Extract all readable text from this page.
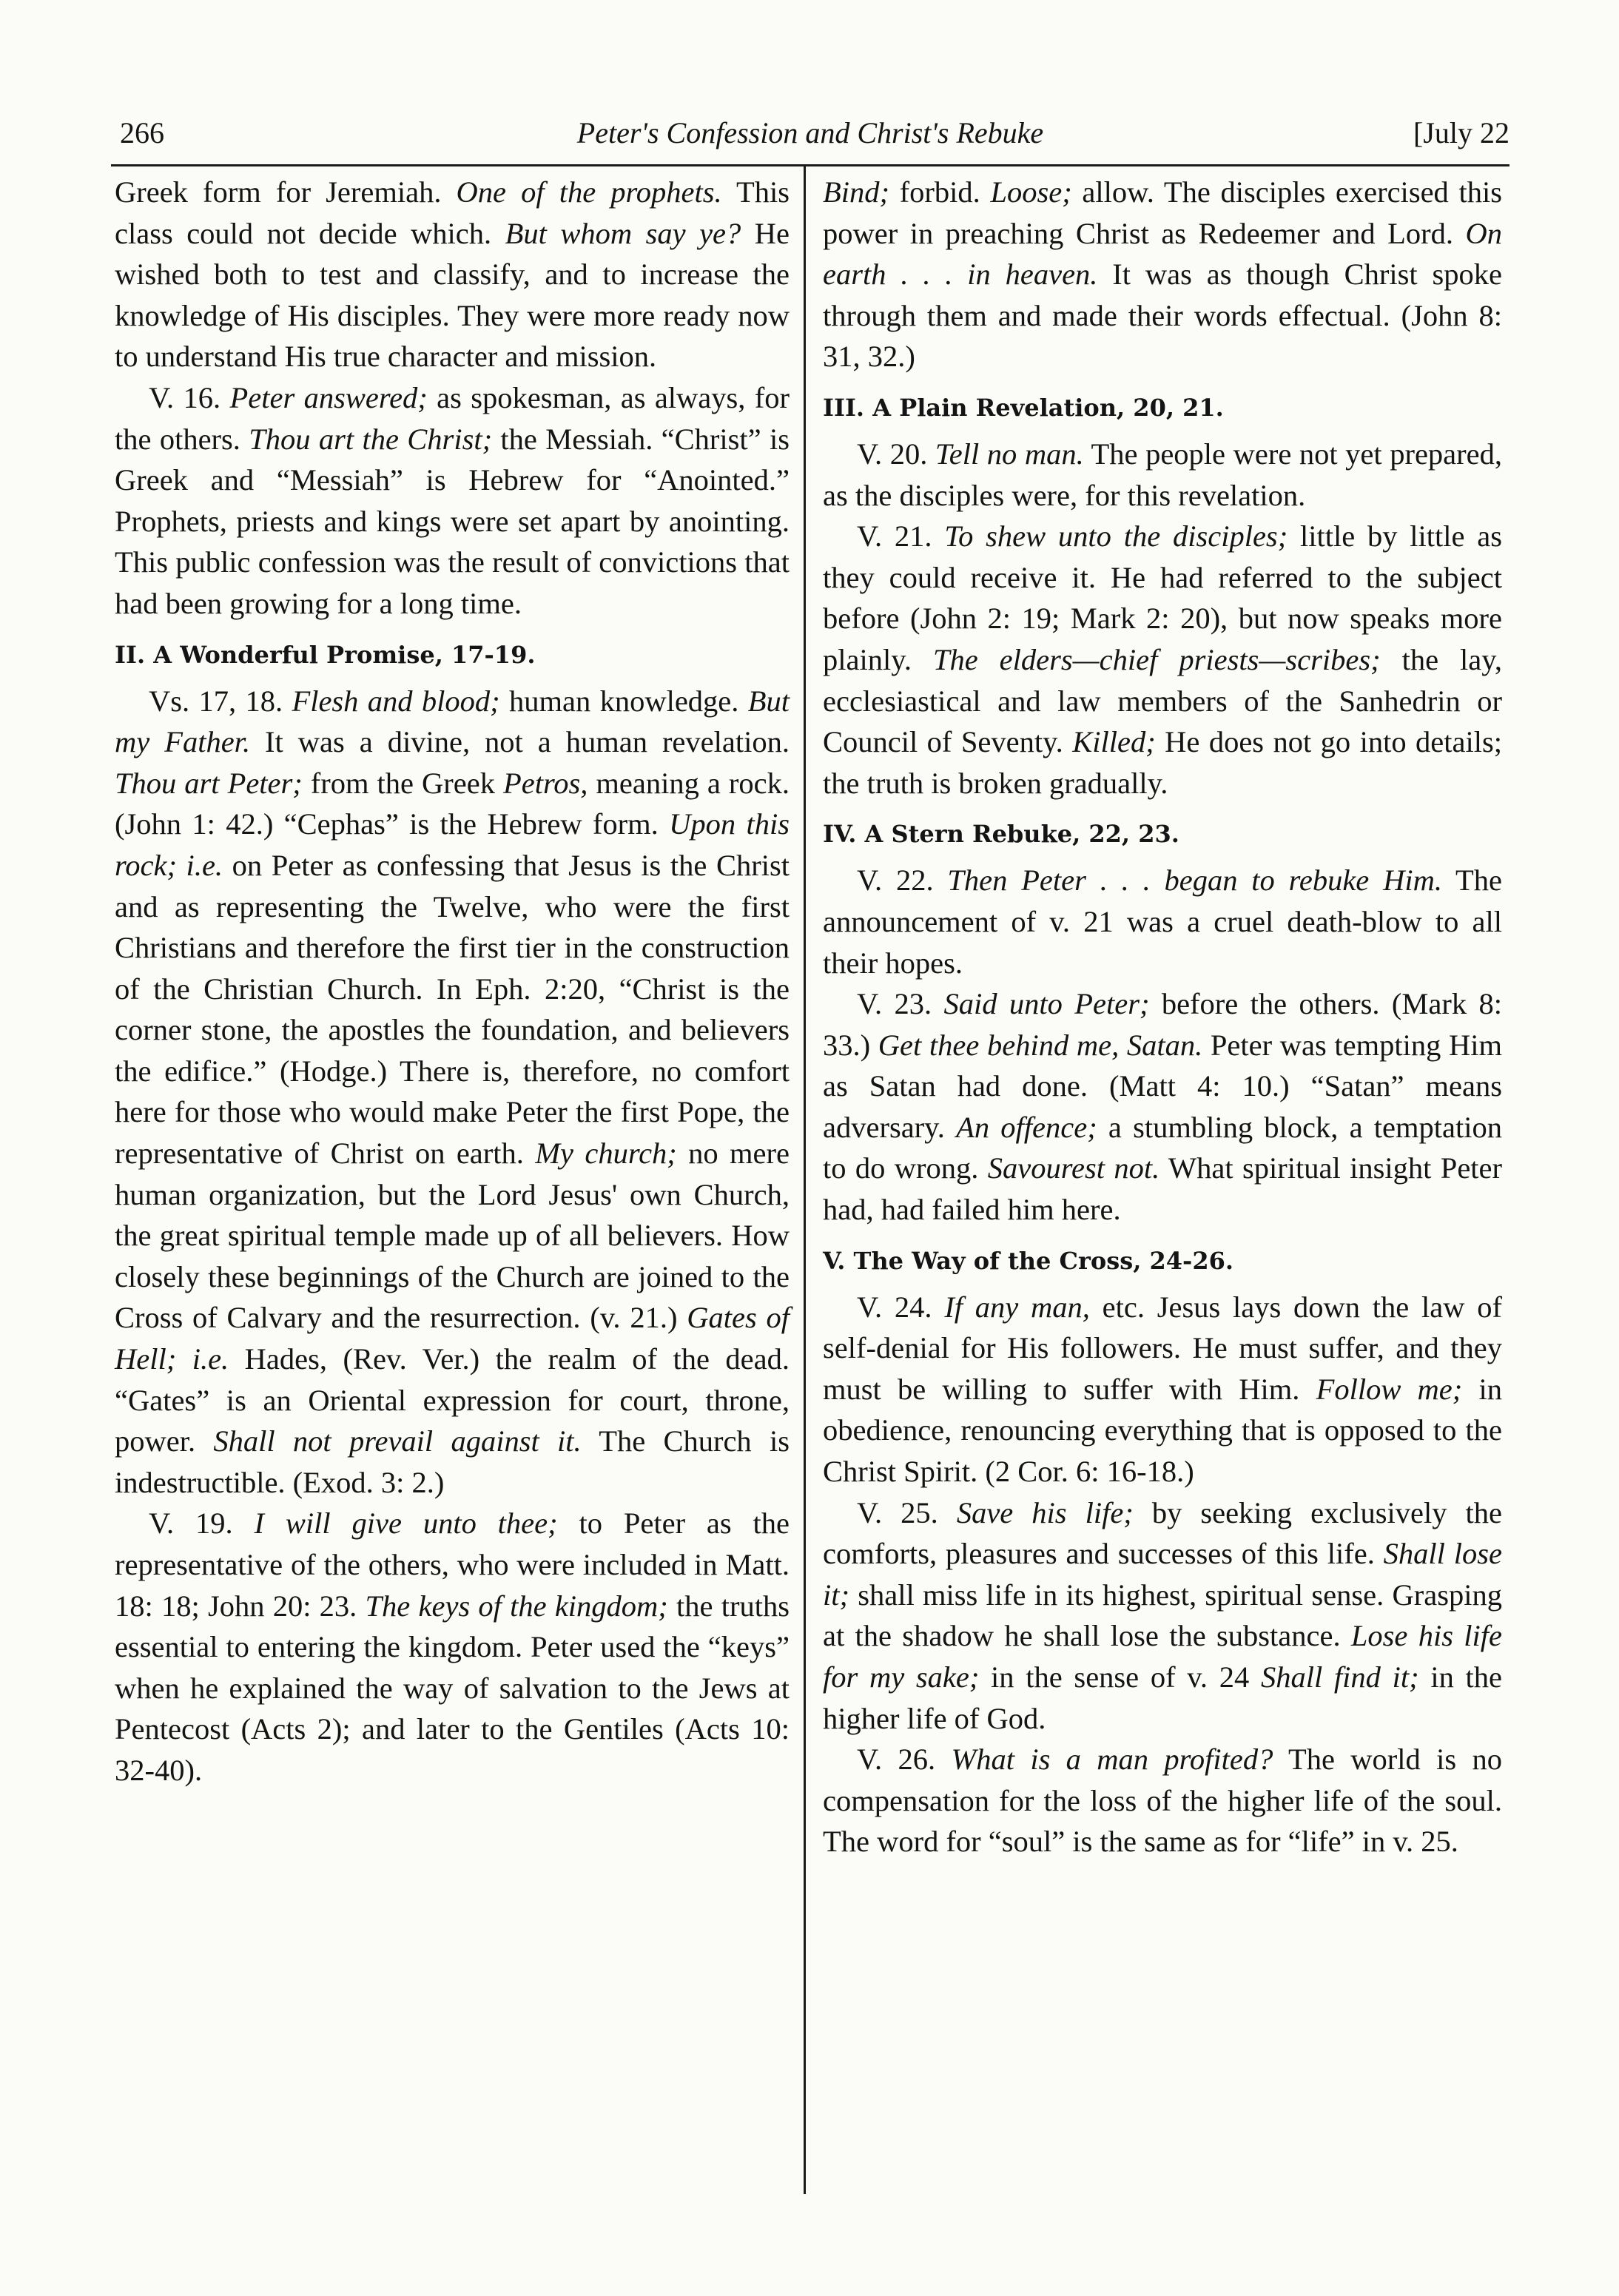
266	Peter's Confession and Christ's Rebuke	[July 22

Greek form for Jeremiah. One of the prophets. This class could not decide which. But whom say ye? He wished both to test and classify, and to increase the knowledge of His disciples. They were more ready now to understand His true character and mission.

V. 16. Peter answered; as spokesman, as always, for the others. Thou art the Christ; the Messiah. “Christ” is Greek and “Messiah” is Hebrew for “Anointed.” Prophets, priests and kings were set apart by anointing. This public confession was the result of convictions that had been growing for a long time.

II. A Wonderful Promise, 17-19.

Vs. 17, 18. Flesh and blood; human knowledge. But my Father. It was a divine, not a human revelation. Thou art Peter; from the Greek Petros, meaning a rock. (John 1: 42.) “Cephas” is the Hebrew form. Upon this rock; i.e. on Peter as confessing that Jesus is the Christ and as representing the Twelve, who were the first Christians and therefore the first tier in the construction of the Christian Church. In Eph. 2:20, “Christ is the corner stone, the apostles the foundation, and believers the edifice.” (Hodge.) There is, therefore, no comfort here for those who would make Peter the first Pope, the representative of Christ on earth. My church; no mere human organization, but the Lord Jesus' own Church, the great spiritual temple made up of all believers. How closely these beginnings of the Church are joined to the Cross of Calvary and the resurrection. (v. 21.) Gates of Hell; i.e. Hades, (Rev. Ver.) the realm of the dead. “Gates” is an Oriental expression for court, throne, power. Shall not prevail against it. The Church is indestructible. (Exod. 3: 2.)

V. 19. I will give unto thee; to Peter as the representative of the others, who were included in Matt. 18: 18; John 20: 23. The keys of the kingdom; the truths essential to entering the kingdom. Peter used the “keys” when he explained the way of salvation to the Jews at Pentecost (Acts 2); and later to the Gentiles (Acts 10: 32-40).

Bind; forbid. Loose; allow. The disciples exercised this power in preaching Christ as Redeemer and Lord. On earth . . . in heaven. It was as though Christ spoke through them and made their words effectual. (John 8: 31, 32.)

III. A Plain Revelation, 20, 21.

V. 20. Tell no man. The people were not yet prepared, as the disciples were, for this revelation.

V. 21. To shew unto the disciples; little by little as they could receive it. He had referred to the subject before (John 2: 19; Mark 2: 20), but now speaks more plainly. The elders—chief priests—scribes; the lay, ecclesiastical and law members of the Sanhedrin or Council of Seventy. Killed; He does not go into details; the truth is broken gradually.

IV. A Stern Rebuke, 22, 23.

V. 22. Then Peter . . . began to rebuke Him. The announcement of v. 21 was a cruel death-blow to all their hopes.

V. 23. Said unto Peter; before the others. (Mark 8: 33.) Get thee behind me, Satan. Peter was tempting Him as Satan had done. (Matt 4: 10.) “Satan” means adversary. An offence; a stumbling block, a temptation to do wrong. Savourest not. What spiritual insight Peter had, had failed him here.

V. The Way of the Cross, 24-26.

V. 24. If any man, etc. Jesus lays down the law of self-denial for His followers. He must suffer, and they must be willing to suffer with Him. Follow me; in obedience, renouncing everything that is opposed to the Christ Spirit. (2 Cor. 6: 16-18.)

V. 25. Save his life; by seeking exclusively the comforts, pleasures and successes of this life. Shall lose it; shall miss life in its highest, spiritual sense. Grasping at the shadow he shall lose the substance. Lose his life for my sake; in the sense of v. 24 Shall find it; in the higher life of God.

V. 26. What is a man profited? The world is no compensation for the loss of the higher life of the soul. The word for “soul” is the same as for “life” in v. 25.
